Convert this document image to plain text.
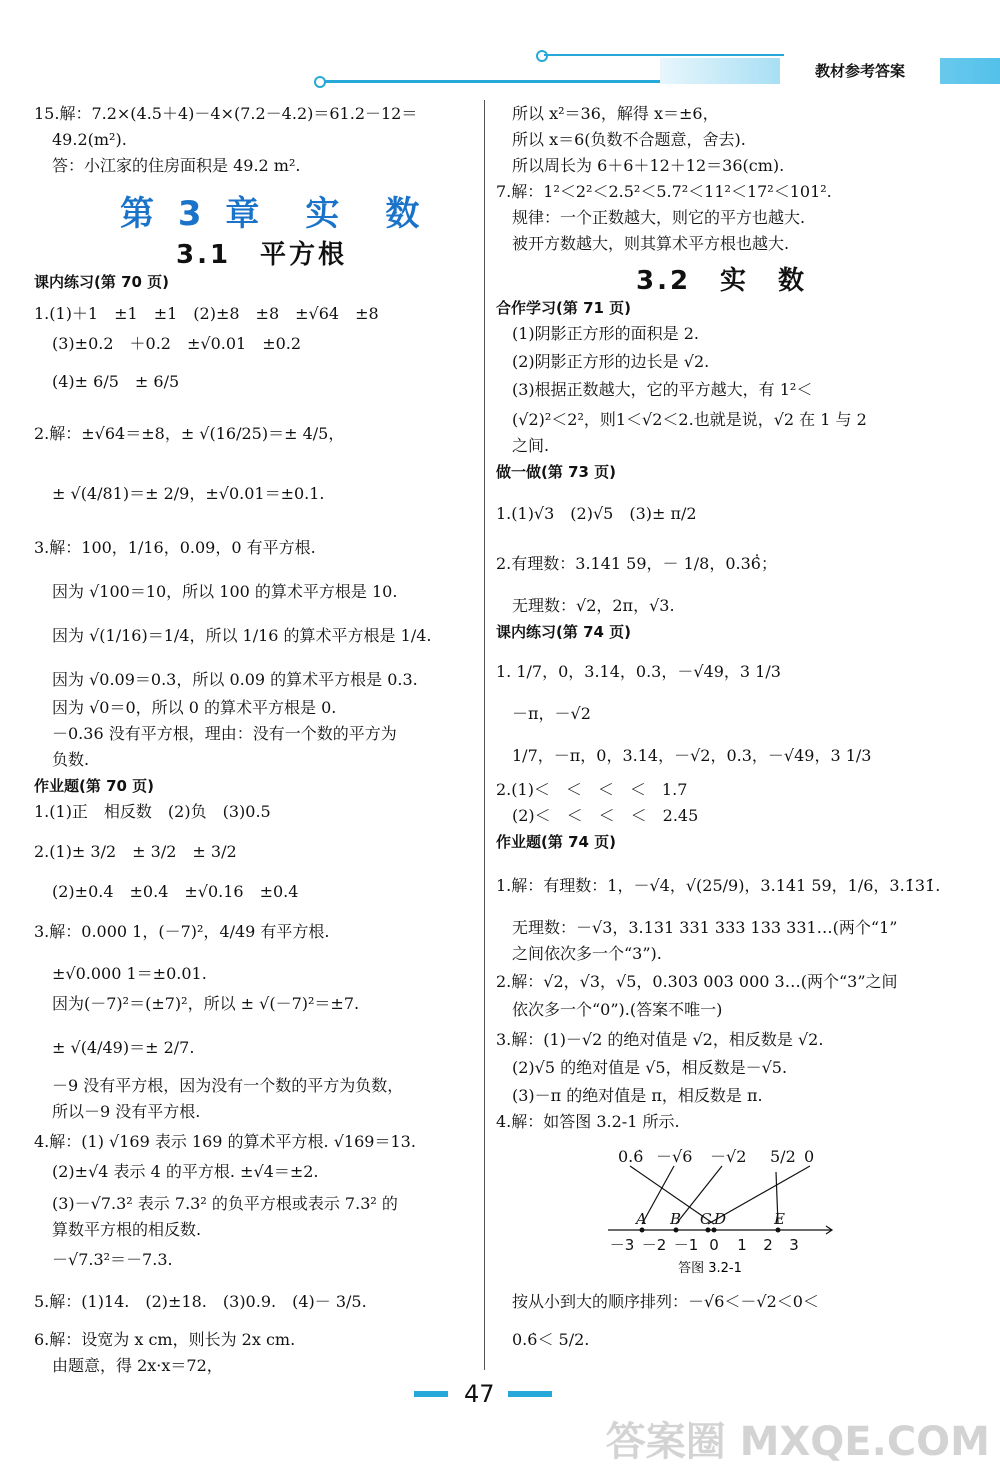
教材参考答案
15.解：7.2×(4.5＋4)－4×(7.2－4.2)＝61.2－12＝
49.2(m²).
答：小江家的住房面积是 49.2 m².
课内练习(第 70 页)
1.(1)＋1　±1　±1　(2)±8　±8　±√64　±8
(3)±0.2　＋0.2　±√0.01　±0.2
(4)± 6/5　± 6/5
2.解：±√64＝±8，± √(16/25)＝± 4/5，
± √(4/81)＝± 2/9，±√0.01＝±0.1.
3.解：100，1/16，0.09，0 有平方根.
因为 √100＝10，所以 100 的算术平方根是 10.
因为 √(1/16)＝1/4，所以 1/16 的算术平方根是 1/4.
因为 √0.09＝0.3，所以 0.09 的算术平方根是 0.3.
因为 √0＝0，所以 0 的算术平方根是 0.
－0.36 没有平方根，理由：没有一个数的平方为
负数.
作业题(第 70 页)
1.(1)正　相反数　(2)负　(3)0.5
2.(1)± 3/2　± 3/2　± 3/2
(2)±0.4　±0.4　±√0.16　±0.4
3.解：0.000 1，(－7)²，4/49 有平方根.
±√0.000 1＝±0.01.
因为(－7)²＝(±7)²，所以 ± √(－7)²＝±7.
± √(4/49)＝± 2/7.
－9 没有平方根，因为没有一个数的平方为负数，
所以－9 没有平方根.
4.解：(1) √169 表示 169 的算术平方根. √169＝13.
(2)±√4 表示 4 的平方根. ±√4＝±2.
(3)－√7.3² 表示 7.3² 的负平方根或表示 7.3² 的
算数平方根的相反数.
－√7.3²＝－7.3.
5.解：(1)14.　(2)±18.　(3)0.9.　(4)－ 3/5.
6.解：设宽为 x cm，则长为 2x cm.
由题意，得 2x·x＝72，
第 3 章　实　数
3.1　平方根
所以 x²＝36，解得 x＝±6，
所以 x＝6(负数不合题意，舍去).
所以周长为 6＋6＋12＋12＝36(cm).
7.解：1²＜2²＜2.5²＜5.7²＜11²＜17²＜101².
规律：一个正数越大，则它的平方也越大.
被开方数越大，则其算术平方根也越大.
合作学习(第 71 页)
(1)阴影正方形的面积是 2.
(2)阴影正方形的边长是 √2.
(3)根据正数越大，它的平方越大，有 1²＜
(√2)²＜2²，则1＜√2＜2.也就是说，√2 在 1 与 2
之间.
做一做(第 73 页)
1.(1)√3　(2)√5　(3)± π/2
2.有理数：3.141 59，－ 1/8，0.36̇̇；
无理数：√2，2π，√3.
课内练习(第 74 页)
1. 1/7，0，3.14，0.3，－√49，3 1/3
－π，－√2
1/7，－π，0，3.14，－√2，0.3，－√49，3 1/3
2.(1)＜　＜　＜　＜　1.7
(2)＜　＜　＜　＜　2.45
作业题(第 74 页)
1.解：有理数：1，－√4，√(25/9)，3.141 59，1/6，3.1̇31̇.
无理数：－√3，3.131 331 333 133 331…(两个“1”
之间依次多一个“3”).
2.解：√2，√3，√5，0.303 003 000 3…(两个“3”之间
依次多一个“0”).(答案不唯一)
3.解：(1)－√2 的绝对值是 √2，相反数是 √2.
(2)√5 的绝对值是 √5，相反数是－√5.
(3)－π 的绝对值是 π，相反数是 π.
4.解：如答图 3.2-1 所示.
按从小到大的顺序排列：－√6＜－√2＜0＜
0.6̇＜ 5/2.
3.2　实　数
0.6̇ －√6 －√2 5/2 0
A B C D	E
－3 －2 －1 0 1 2 3
答图 3.2-1
47
答案圈 MXQE.COM
